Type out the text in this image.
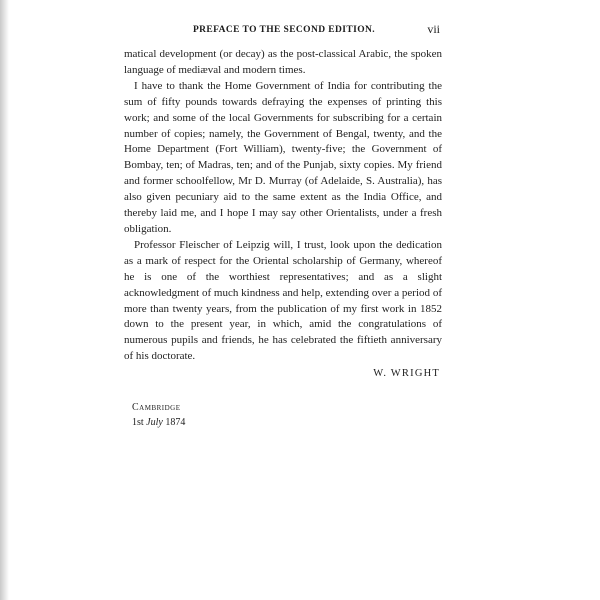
PREFACE TO THE SECOND EDITION.	vii

matical development (or decay) as the post-classical Arabic, the spoken language of mediæval and modern times.

I have to thank the Home Government of India for contributing the sum of fifty pounds towards defraying the expenses of printing this work; and some of the local Governments for subscribing for a certain number of copies; namely, the Government of Bengal, twenty, and the Home Department (Fort William), twenty-five; the Government of Bombay, ten; of Madras, ten; and of the Punjab, sixty copies. My friend and former schoolfellow, Mr D. Murray (of Adelaide, S. Australia), has also given pecuniary aid to the same extent as the India Office, and thereby laid me, and I hope I may say other Orientalists, under a fresh obligation.

Professor Fleischer of Leipzig will, I trust, look upon the dedication as a mark of respect for the Oriental scholarship of Germany, whereof he is one of the worthiest representatives; and as a slight acknowledgment of much kindness and help, extending over a period of more than twenty years, from the publication of my first work in 1852 down to the present year, in which, amid the congratulations of numerous pupils and friends, he has celebrated the fiftieth anniversary of his doctorate.

W. WRIGHT
Cambridge
1st July 1874
